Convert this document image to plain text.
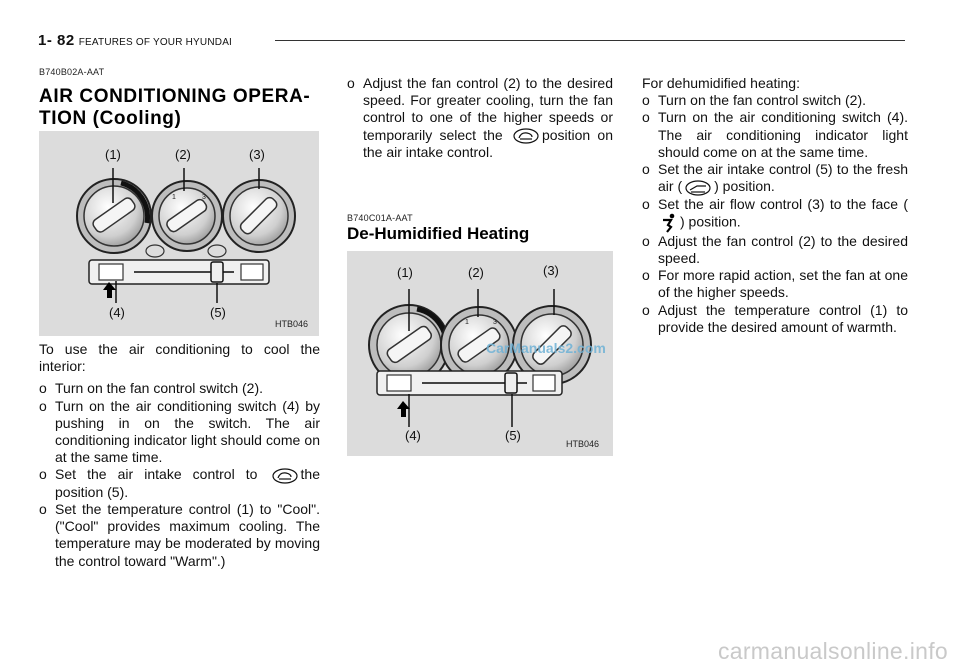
1- 82 FEATURES OF YOUR HYUNDAI
B740B02A-AAT
AIR CONDITIONING OPERA-TION (Cooling)
1	3
(1)	(2)	(3)
(4)	(5)
HTB046

To use the air conditioning to cool the interior:

o Turn on the fan control switch (2).
o Turn on the air conditioning switch (4) by pushing in on the switch. The air conditioning indicator light should come on at the same time.
o Set the air intake control to	the position (5).
o Set the temperature control (1) to "Cool". ("Cool" provides maximum cooling. The temperature may be moderated by moving the control toward "Warm".)
o Adjust the fan control (2) to the desired speed. For greater cooling, turn the fan control to one of the higher speeds or temporarily select the	position on the air intake control.
B740C01A-AAT
De-Humidified Heating
1	3
(1)	(2)	(3)
(4)	(5)
HTB046
CarManuals2.com

For dehumidified heating:

o Turn on the fan control switch (2).
o Turn on the air conditioning switch (4). The air conditioning indicator light should come on at the same time.
o Set the air intake control (5) to the fresh air ( ) position.
o Set the air flow control (3) to the face () position.
o Adjust the fan control (2) to the desired speed.
o For more rapid action, set the fan at one of the higher speeds.
o Adjust the temperature control (1) to provide the desired amount of warmth.
carmanualsonline.info
